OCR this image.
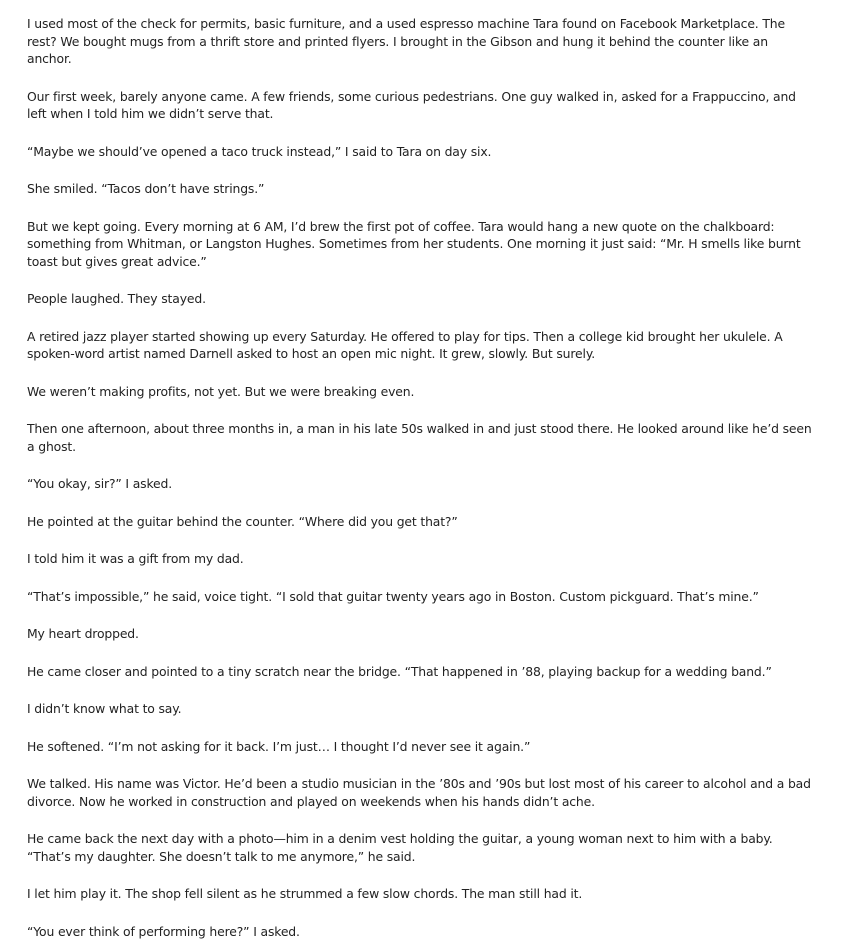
I used most of the check for permits, basic furniture, and a used espresso machine Tara found on Facebook Marketplace. The rest? We bought mugs from a thrift store and printed flyers. I brought in the Gibson and hung it behind the counter like an anchor.

Our first week, barely anyone came. A few friends, some curious pedestrians. One guy walked in, asked for a Frappuccino, and left when I told him we didn’t serve that.

“Maybe we should’ve opened a taco truck instead,” I said to Tara on day six.

She smiled. “Tacos don’t have strings.”

But we kept going. Every morning at 6 AM, I’d brew the first pot of coffee. Tara would hang a new quote on the chalkboard: something from Whitman, or Langston Hughes. Sometimes from her students. One morning it just said: “Mr. H smells like burnt toast but gives great advice.”

People laughed. They stayed.

A retired jazz player started showing up every Saturday. He offered to play for tips. Then a college kid brought her ukulele. A spoken-word artist named Darnell asked to host an open mic night. It grew, slowly. But surely.

We weren’t making profits, not yet. But we were breaking even.

Then one afternoon, about three months in, a man in his late 50s walked in and just stood there. He looked around like he’d seen a ghost.

“You okay, sir?” I asked.

He pointed at the guitar behind the counter. “Where did you get that?”

I told him it was a gift from my dad.

“That’s impossible,” he said, voice tight. “I sold that guitar twenty years ago in Boston. Custom pickguard. That’s mine.”

My heart dropped.

He came closer and pointed to a tiny scratch near the bridge. “That happened in ’88, playing backup for a wedding band.”

I didn’t know what to say.

He softened. “I’m not asking for it back. I’m just… I thought I’d never see it again.”

We talked. His name was Victor. He’d been a studio musician in the ’80s and ’90s but lost most of his career to alcohol and a bad divorce. Now he worked in construction and played on weekends when his hands didn’t ache.

He came back the next day with a photo—him in a denim vest holding the guitar, a young woman next to him with a baby. “That’s my daughter. She doesn’t talk to me anymore,” he said.

I let him play it. The shop fell silent as he strummed a few slow chords. The man still had it.

“You ever think of performing here?” I asked.
